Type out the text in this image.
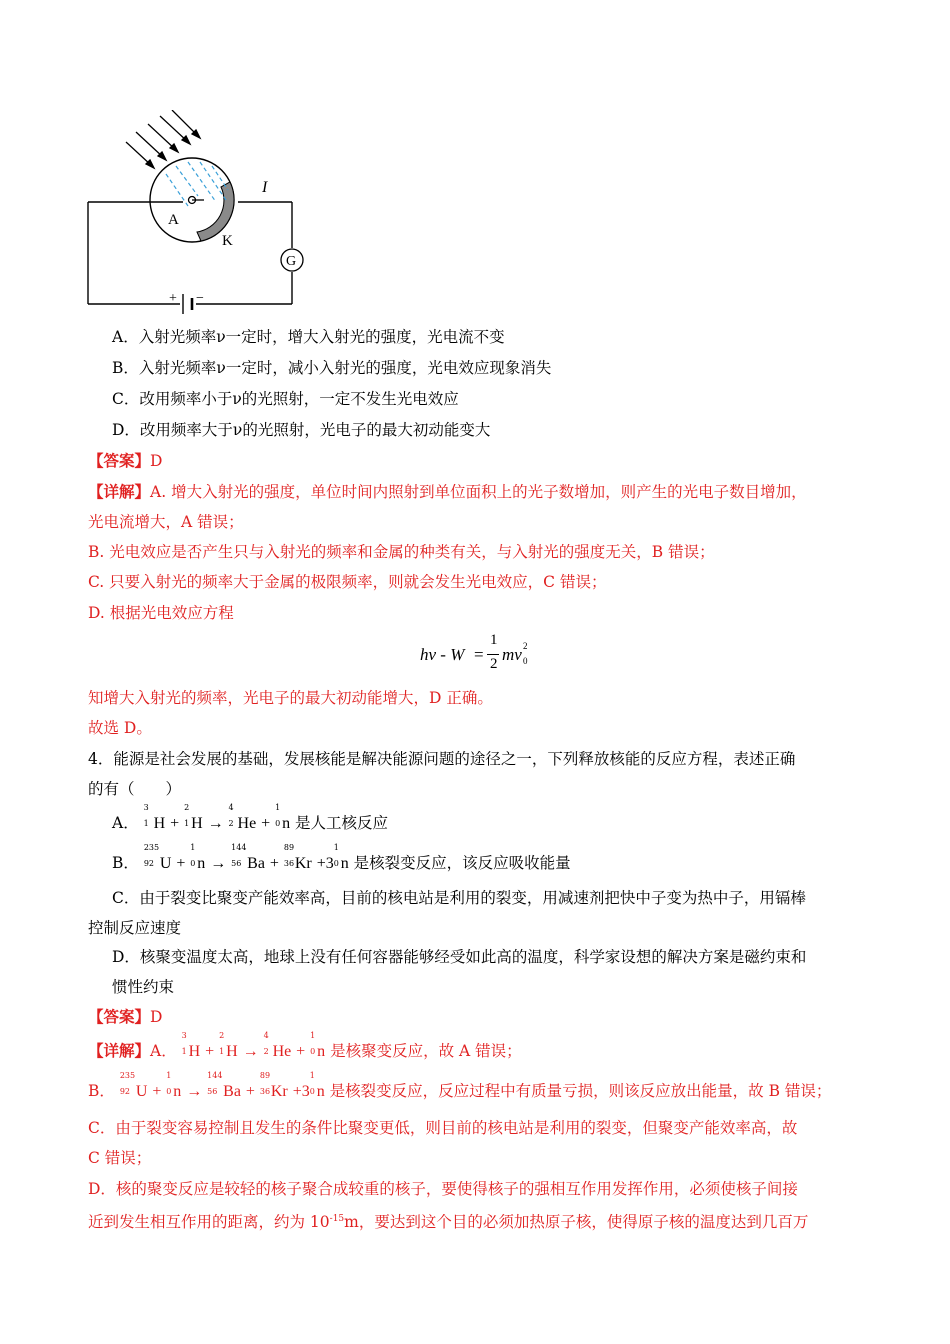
+ −
G
A
K
I
A．入射光频率ν一定时，增大入射光的强度，光电流不变
B．入射光频率ν一定时，减小入射光的强度，光电效应现象消失
C．改用频率小于ν的光照射，一定不发生光电效应
D．改用频率大于ν的光照射，光电子的最大初动能变大
【答案】D
【详解】A. 增大入射光的强度，单位时间内照射到单位面积上的光子数增加，则产生的光电子数目增加，
光电流增大，A 错误；
B. 光电效应是否产生只与入射光的频率和金属的种类有关，与入射光的强度无关，B 错误；
C. 只要入射光的频率大于金属的极限频率，则就会发生光电效应，C 错误；
D. 根据光电效应方程
hv - W =
1
2 mv 2
0
知增大入射光的频率，光电子的最大初动能增大，D 正确。
故选 D。
4．能源是社会发展的基础，发展核能是解决能源问题的途径之一，下列释放核能的反应方程，表述正确
的有（　　）
A．
3
1 H +
2
1 H →
4
2 He +
1
0 n 是人工核反应
B．
235
92 U +
1
0 n →
144
56 Ba +
89
36 Kr +3
1
0 n 是核裂变反应，该反应吸收能量
C．由于裂变比聚变产能效率高，目前的核电站是利用的裂变，用减速剂把快中子变为热中子，用镉棒
控制反应速度
D．核聚变温度太高，地球上没有任何容器能够经受如此高的温度，科学家设想的解决方案是磁约束和
惯性约束
【答案】D
【详解】A．
3
1 H +
2
1 H →
4
2 He +
1
0 n 是核聚变反应，故 A 错误；
B．
235
92 U +
1
0 n →
144
56 Ba +
89
36 Kr +3
1
0 n 是核裂变反应，反应过程中有质量亏损，则该反应放出能量，故 B 错误；
C．由于裂变容易控制且发生的条件比聚变更低，则目前的核电站是利用的裂变，但聚变产能效率高，故
C 错误；
D．核的聚变反应是较轻的核子聚合成较重的核子，要使得核子的强相互作用发挥作用，必须使核子间接
近到发生相互作用的距离，约为 $10^{-15}m$，要达到这个目的必须加热原子核，使得原子核的温度达到几百万
